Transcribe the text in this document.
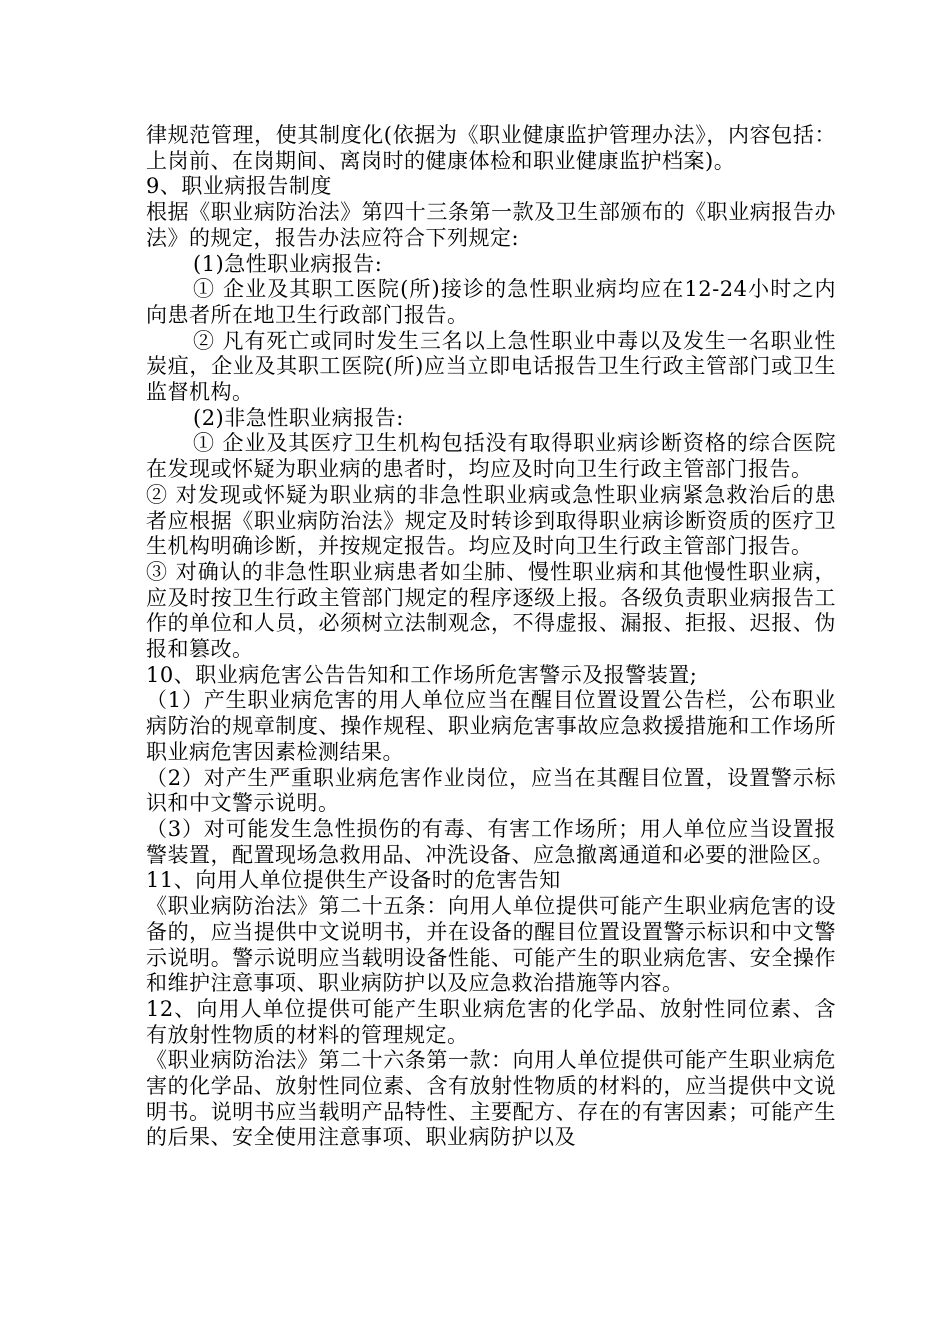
律规范管理，使其制度化(依据为《职业健康监护管理办法》，内容包括：上岗前、在岗期间、离岗时的健康体检和职业健康监护档案)。

9、职业病报告制度

根据《职业病防治法》第四十三条第一款及卫生部颁布的《职业病报告办法》的规定，报告办法应符合下列规定:

(1)急性职业病报告:

① 企业及其职工医院(所)接诊的急性职业病均应在12-24小时之内向患者所在地卫生行政部门报告。

② 凡有死亡或同时发生三名以上急性职业中毒以及发生一名职业性炭疽，企业及其职工医院(所)应当立即电话报告卫生行政主管部门或卫生监督机构。

(2)非急性职业病报告:

① 企业及其医疗卫生机构包括没有取得职业病诊断资格的综合医院在发现或怀疑为职业病的患者时，均应及时向卫生行政主管部门报告。

② 对发现或怀疑为职业病的非急性职业病或急性职业病紧急救治后的患者应根据《职业病防治法》规定及时转诊到取得职业病诊断资质的医疗卫生机构明确诊断，并按规定报告。均应及时向卫生行政主管部门报告。

③ 对确认的非急性职业病患者如尘肺、慢性职业病和其他慢性职业病，应及时按卫生行政主管部门规定的程序逐级上报。各级负责职业病报告工作的单位和人员，必须树立法制观念，不得虚报、漏报、拒报、迟报、伪报和篡改。

10、职业病危害公告告知和工作场所危害警示及报警装置;

（1）产生职业病危害的用人单位应当在醒目位置设置公告栏，公布职业病防治的规章制度、操作规程、职业病危害事故应急救援措施和工作场所职业病危害因素检测结果。

（2）对产生严重职业病危害作业岗位，应当在其醒目位置，设置警示标识和中文警示说明。

（3）对可能发生急性损伤的有毒、有害工作场所；用人单位应当设置报警装置，配置现场急救用品、冲洗设备、应急撤离通道和必要的泄险区。

11、向用人单位提供生产设备时的危害告知

《职业病防治法》第二十五条：向用人单位提供可能产生职业病危害的设备的，应当提供中文说明书，并在设备的醒目位置设置警示标识和中文警示说明。警示说明应当载明设备性能、可能产生的职业病危害、安全操作和维护注意事项、职业病防护以及应急救治措施等内容。

12、向用人单位提供可能产生职业病危害的化学品、放射性同位素、含有放射性物质的材料的管理规定。

《职业病防治法》第二十六条第一款：向用人单位提供可能产生职业病危害的化学品、放射性同位素、含有放射性物质的材料的，应当提供中文说明书。说明书应当载明产品特性、主要配方、存在的有害因素；可能产生的后果、安全使用注意事项、职业病防护以及
